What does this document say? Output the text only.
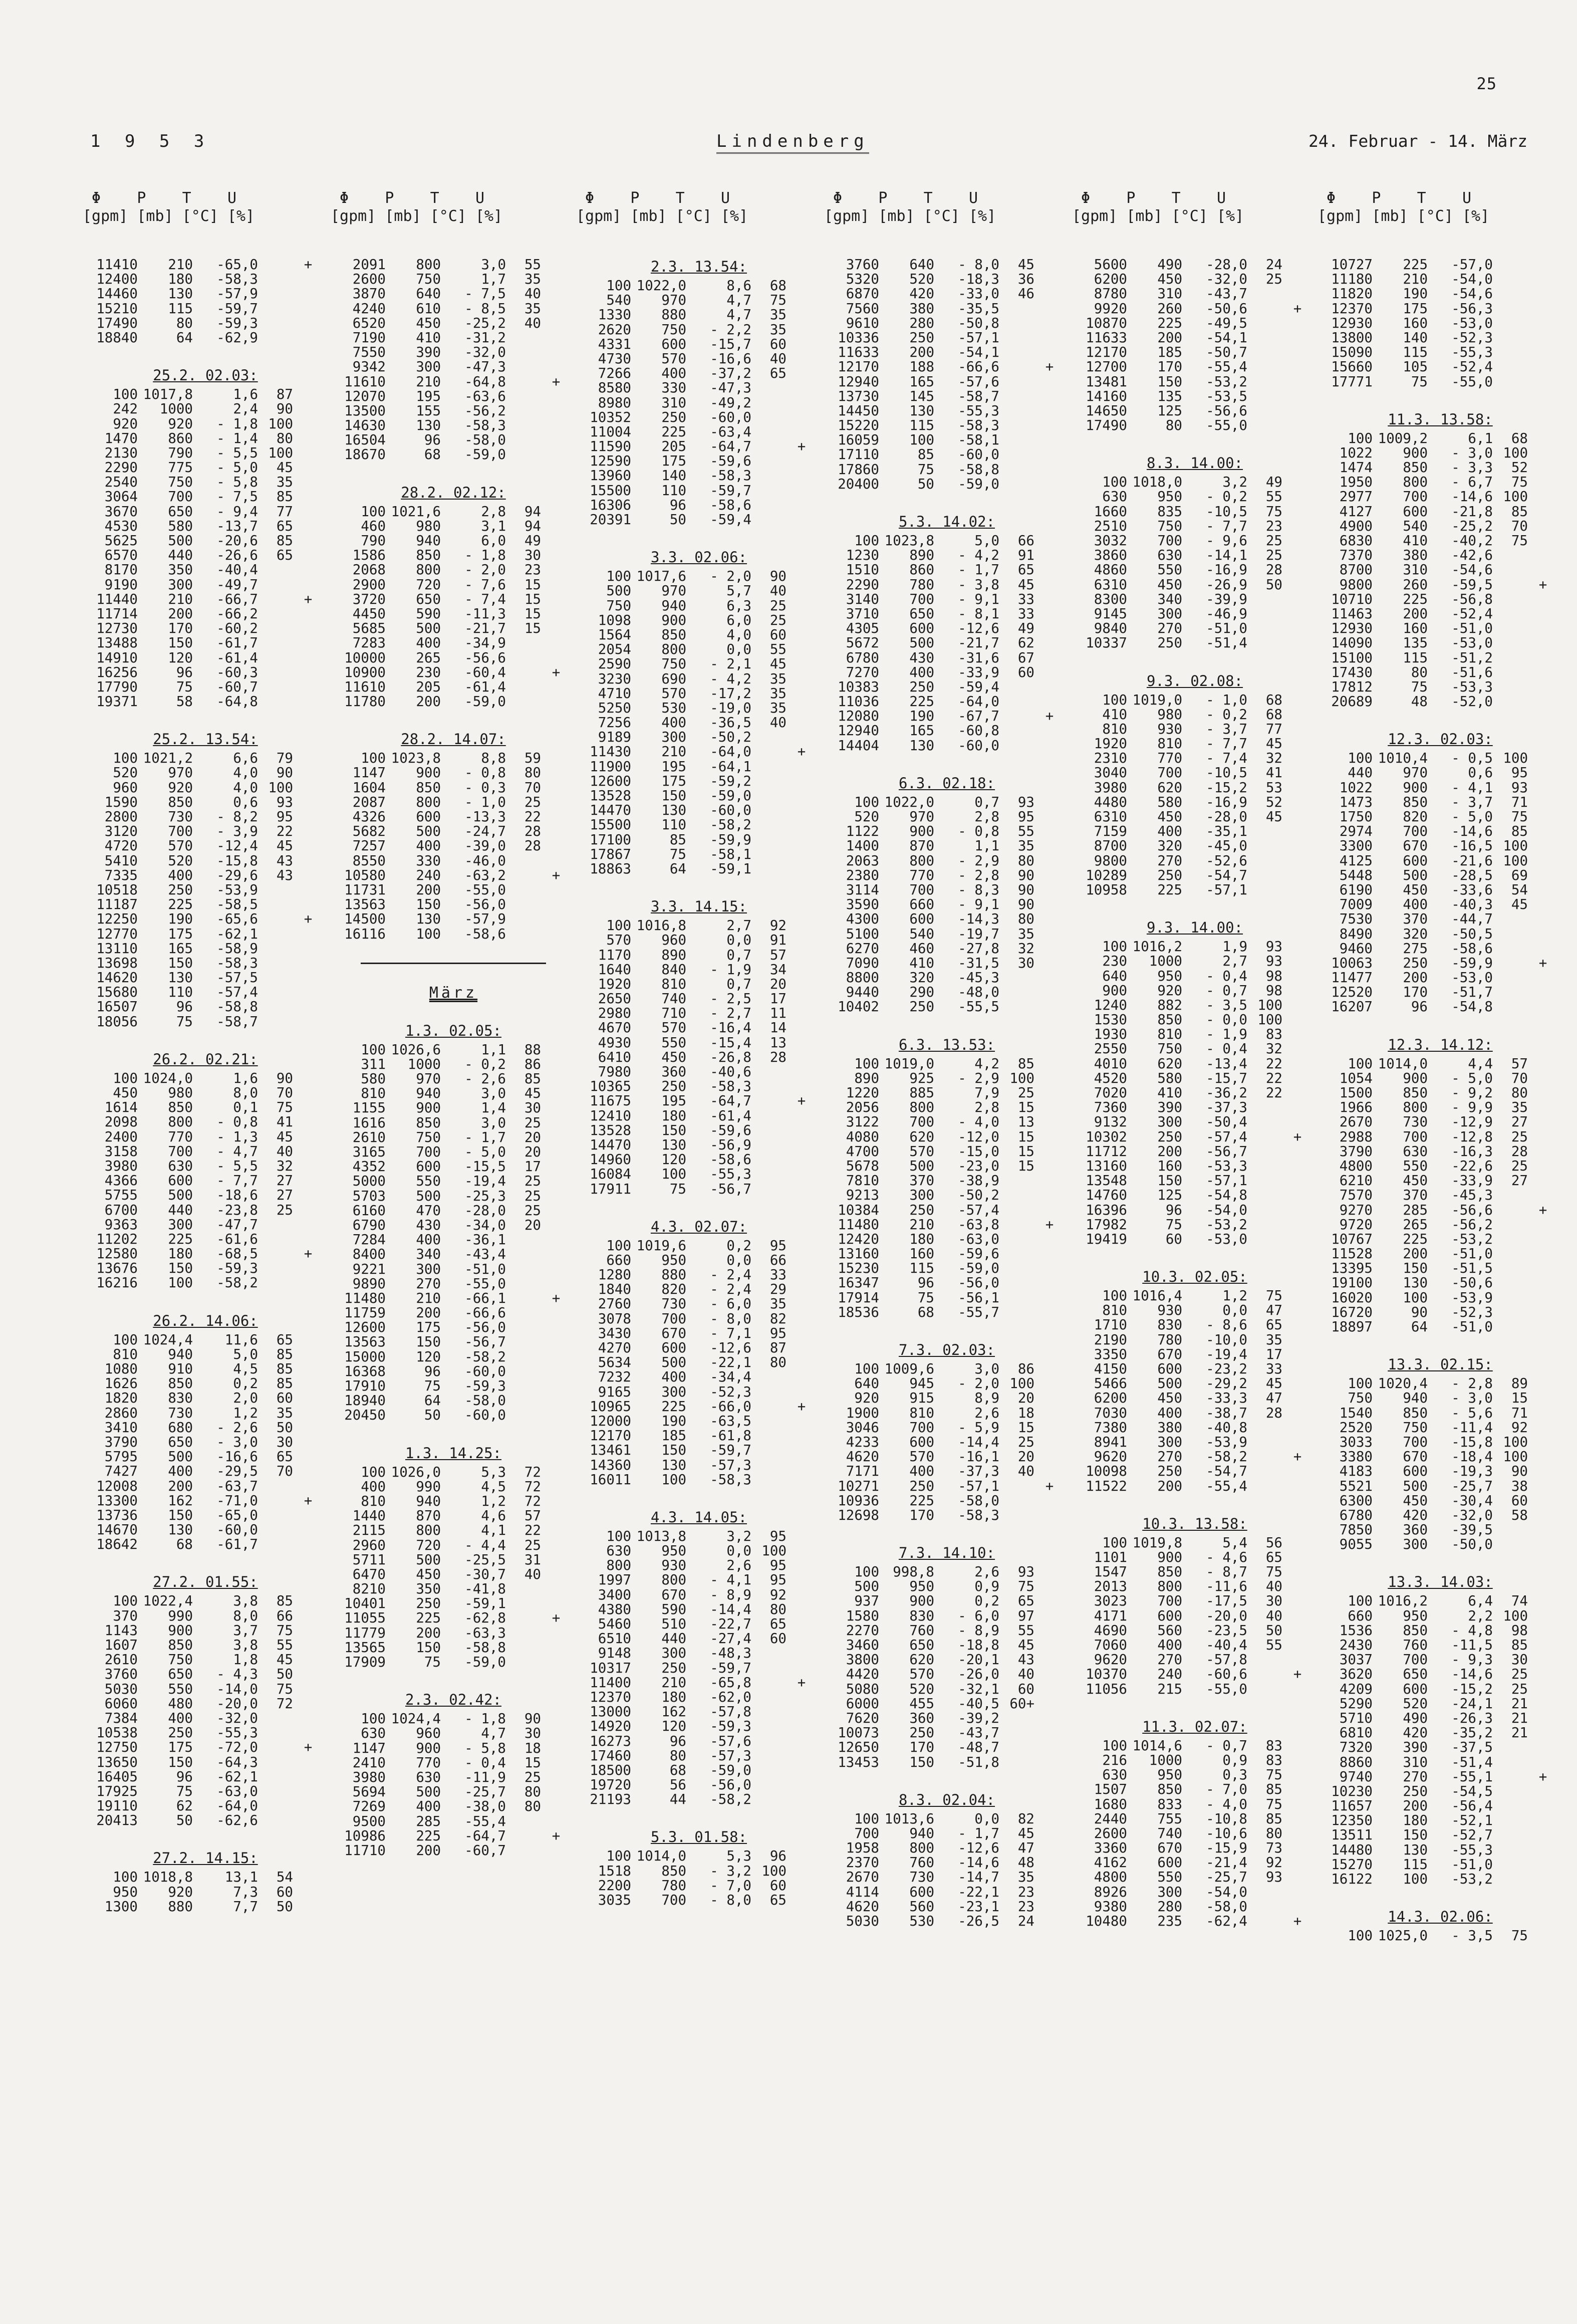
25
1 9 5 3	Lindenberg	24. Februar - 14. März
Φ    P    T    U
[gpm] [mb] [°C] [%]
11410	210	-65,0	+
12400	180	-58,3
14460	130	-57,9
15210	115	-59,7
17490	80	-59,3
18840	64	-62,9
25.2. 02.03:
100 1017,8	1,6	87
242	1000	2,4	90
920	920	- 1,8 100
1470	860	- 1,4	80
2130	790	- 5,5 100
2290	775	- 5,0	45
2540	750	- 5,8	35
3064	700	- 7,5	85
3670	650	- 9,4	77
4530	580	-13,7	65
5625	500	-20,6	85
6570	440	-26,6	65
8170	350	-40,4
9190	300	-49,7
11440	210	-66,7	+
11714	200	-66,2
12730	170	-60,2
13488	150	-61,7
14910	120	-61,4
16256	96	-60,3
17790	75	-60,7
19371	58	-64,8
25.2. 13.54:
100 1021,2	6,6	79
520	970	4,0	90
960	920	4,0 100
1590	850	0,6	93
2800	730	- 8,2	95
3120	700	- 3,9	22
4720	570	-12,4	45
5410	520	-15,8	43
7335	400	-29,6	43
10518	250	-53,9
11187	225	-58,5
12250	190	-65,6	+
12770	175	-62,1
13110	165	-58,9
13698	150	-58,3
14620	130	-57,5
15680	110	-57,4
16507	96	-58,8
18056	75	-58,7
26.2. 02.21:
100 1024,0	1,6	90
450	980	8,0	70
1614	850	0,1	75
2098	800	- 0,8	41
2400	770	- 1,3	45
3158	700	- 4,7	40
3980	630	- 5,5	32
4366	600	- 7,7	27
5755	500	-18,6	27
6700	440	-23,8	25
9363	300	-47,7
11202	225	-61,6
12580	180	-68,5	+
13676	150	-59,3
16216	100	-58,2
26.2. 14.06:
100 1024,4	11,6	65
810	940	5,0	85
1080	910	4,5	85
1626	850	0,2	85
1820	830	2,0	60
2860	730	1,2	35
3410	680	- 2,6	50
3790	650	- 3,0	30
5795	500	-16,6	65
7427	400	-29,5	70
12008	200	-63,7
13300	162	-71,0	+
13736	150	-65,0
14670	130	-60,0
18642	68	-61,7
27.2. 01.55:
100 1022,4	3,8	85
370	990	8,0	66
1143	900	3,7	75
1607	850	3,8	55
2610	750	1,8	45
3760	650	- 4,3	50
5030	550	-14,0	75
6060	480	-20,0	72
7384	400	-32,0
10538	250	-55,3
12750	175	-72,0	+
13650	150	-64,3
16405	96	-62,1
17925	75	-63,0
19110	62	-64,0
20413	50	-62,6
27.2. 14.15:
100 1018,8	13,1	54
950	920	7,3	60
1300	880	7,7	50
Φ    P    T    U
[gpm] [mb] [°C] [%]
2091	800	3,0	55
2600	750	1,7	35
3870	640	- 7,5	40
4240	610	- 8,5	35
6520	450	-25,2	40
7190	410	-31,2
7550	390	-32,0
9342	300	-47,3
11610	210	-64,8	+
12070	195	-63,6
13500	155	-56,2
14630	130	-58,3
16504	96	-58,0
18670	68	-59,0
28.2. 02.12:
100 1021,6	2,8	94
460	980	3,1	94
790	940	6,0	49
1586	850	- 1,8	30
2068	800	- 2,0	23
2900	720	- 7,6	15
3720	650	- 7,4	15
4450	590	-11,3	15
5685	500	-21,7	15
7283	400	-34,9
10000	265	-56,6
10900	230	-60,4	+
11610	205	-61,4
11780	200	-59,0
28.2. 14.07:
100 1023,8	8,8	59
1147	900	- 0,8	80
1604	850	- 0,3	70
2087	800	- 1,0	25
4326	600	-13,3	22
5682	500	-24,7	28
7257	400	-39,0	28
8550	330	-46,0
10580	240	-63,2	+
11731	200	-55,0
13563	150	-56,0
14500	130	-57,9
16116	100	-58,6
März
1.3. 02.05:
100 1026,6	1,1	88
311	1000	- 0,2	86
580	970	- 2,6	85
810	940	3,0	45
1155	900	1,4	30
1616	850	3,0	25
2610	750	- 1,7	20
3165	700	- 5,0	20
4352	600	-15,5	17
5000	550	-19,4	25
5703	500	-25,3	25
6160	470	-28,0	25
6790	430	-34,0	20
7284	400	-36,1
8400	340	-43,4
9221	300	-51,0
9890	270	-55,0
11480	210	-66,1	+
11759	200	-66,6
12600	175	-56,0
13563	150	-56,7
15000	120	-58,2
16368	96	-60,0
17910	75	-59,3
18940	64	-58,0
20450	50	-60,0
1.3. 14.25:
100 1026,0	5,3	72
400	990	4,5	72
810	940	1,2	72
1440	870	4,6	57
2115	800	4,1	22
2960	720	- 4,4	25
5711	500	-25,5	31
6470	450	-30,7	40
8210	350	-41,8
10401	250	-59,1
11055	225	-62,8	+
11779	200	-63,3
13565	150	-58,8
17909	75	-59,0
2.3. 02.42:
100 1024,4	- 1,8	90
630	960	4,7	30
1147	900	- 5,8	18
2410	770	- 0,4	15
3980	630	-11,9	25
5694	500	-25,7	80
7269	400	-38,0	80
9500	285	-55,4
10986	225	-64,7	+
11710	200	-60,7
Φ    P    T    U
[gpm] [mb] [°C] [%]
2.3. 13.54:
100 1022,0	8,6	68
540	970	4,7	75
1330	880	4,7	35
2620	750	- 2,2	35
4331	600	-15,7	60
4730	570	-16,6	40
7266	400	-37,2	65
8580	330	-47,3
8980	310	-49,2
10352	250	-60,0
11004	225	-63,4
11590	205	-64,7	+
12590	175	-59,6
13960	140	-58,3
15500	110	-59,7
16306	96	-58,6
20391	50	-59,4
3.3. 02.06:
100 1017,6	- 2,0	90
500	970	5,7	40
750	940	6,3	25
1098	900	6,0	25
1564	850	4,0	60
2054	800	0,0	55
2590	750	- 2,1	45
3230	690	- 4,2	35
4710	570	-17,2	35
5250	530	-19,0	35
7256	400	-36,5	40
9189	300	-50,2
11430	210	-64,0	+
11900	195	-64,1
12600	175	-59,2
13528	150	-59,0
14470	130	-60,0
15500	110	-58,2
17100	85	-59,9
17867	75	-58,1
18863	64	-59,1
3.3. 14.15:
100 1016,8	2,7	92
570	960	0,0	91
1170	890	0,7	57
1640	840	- 1,9	34
1920	810	0,7	20
2650	740	- 2,5	17
2980	710	- 2,7	11
4670	570	-16,4	14
4930	550	-15,4	13
6410	450	-26,8	28
7980	360	-40,6
10365	250	-58,3
11675	195	-64,7	+
12410	180	-61,4
13528	150	-59,6
14470	130	-56,9
14960	120	-58,6
16084	100	-55,3
17911	75	-56,7
4.3. 02.07:
100 1019,6	0,2	95
660	950	0,0	66
1280	880	- 2,4	33
1840	820	- 2,4	29
2760	730	- 6,0	35
3078	700	- 8,0	82
3430	670	- 7,1	95
4270	600	-12,6	87
5634	500	-22,1	80
7232	400	-34,4
9165	300	-52,3
10965	225	-66,0	+
12000	190	-63,5
12170	185	-61,8
13461	150	-59,7
14360	130	-57,3
16011	100	-58,3
4.3. 14.05:
100 1013,8	3,2	95
630	950	0,0 100
800	930	2,6	95
1997	800	- 4,1	95
3400	670	- 8,9	92
4380	590	-14,4	80
5460	510	-22,7	65
6510	440	-27,4	60
9148	300	-48,3
10317	250	-59,7
11400	210	-65,8	+
12370	180	-62,0
13000	162	-57,8
14920	120	-59,3
16273	96	-57,6
17460	80	-57,3
18500	68	-59,0
19720	56	-56,0
21193	44	-58,2
5.3. 01.58:
100 1014,0	5,3	96
1518	850	- 3,2 100
2200	780	- 7,0	60
3035	700	- 8,0	65
Φ    P    T    U
[gpm] [mb] [°C] [%]
3760	640	- 8,0	45
5320	520	-18,3	36
6870	420	-33,0	46
7560	380	-35,5
9610	280	-50,8
10336	250	-57,1
11633	200	-54,1
12170	188	-66,6	+
12940	165	-57,6
13730	145	-58,7
14450	130	-55,3
15220	115	-58,3
16059	100	-58,1
17110	85	-60,0
17860	75	-58,8
20400	50	-59,0
5.3. 14.02:
100 1023,8	5,0	66
1230	890	- 4,2	91
1510	860	- 1,7	65
2290	780	- 3,8	45
3140	700	- 9,1	33
3710	650	- 8,1	33
4305	600	-12,6	49
5672	500	-21,7	62
6780	430	-31,6	67
7270	400	-33,9	60
10383	250	-59,4
11036	225	-64,0
12080	190	-67,7	+
12940	165	-60,8
14404	130	-60,0
6.3. 02.18:
100 1022,0	0,7	93
520	970	2,8	95
1122	900	- 0,8	55
1400	870	1,1	35
2063	800	- 2,9	80
2380	770	- 2,8	90
3114	700	- 8,3	90
3590	660	- 9,1	90
4300	600	-14,3	80
5100	540	-19,7	35
6270	460	-27,8	32
7090	410	-31,5	30
8800	320	-45,3
9440	290	-48,0
10402	250	-55,5
6.3. 13.53:
100 1019,0	4,2	85
890	925	- 2,9 100
1220	885	7,9	25
2056	800	2,8	15
3122	700	- 4,0	13
4080	620	-12,0	15
4700	570	-15,0	15
5678	500	-23,0	15
7810	370	-38,9
9213	300	-50,2
10384	250	-57,4
11480	210	-63,8	+
12420	180	-63,0
13160	160	-59,6
15230	115	-59,0
16347	96	-56,0
17914	75	-56,1
18536	68	-55,7
7.3. 02.03:
100 1009,6	3,0	86
640	945	- 2,0 100
920	915	8,9	20
1900	810	2,6	18
3046	700	- 5,9	15
4233	600	-14,4	25
4620	570	-16,1	20
7171	400	-37,3	40
10271	250	-57,1	+
10936	225	-58,0
12698	170	-58,3
7.3. 14.10:
100 998,8	2,6	93
500	950	0,9	75
937	900	0,2	65
1580	830	- 6,0	97
2270	760	- 8,9	55
3460	650	-18,8	45
3800	620	-20,1	43
4420	570	-26,0	40
5080	520	-32,1	60
6000	455	-40,5 60+
7620	360	-39,2
10073	250	-43,7
12650	170	-48,7
13453	150	-51,8
8.3. 02.04:
100 1013,6	0,0	82
700	940	- 1,7	45
1958	800	-12,6	47
2370	760	-14,6	48
2670	730	-14,7	35
4114	600	-22,1	23
4620	560	-23,1	23
5030	530	-26,5	24
Φ    P    T    U
[gpm] [mb] [°C] [%]
5600	490	-28,0	24
6200	450	-32,0	25
8780	310	-43,7
9920	260	-50,6	+
10870	225	-49,5
11633	200	-54,1
12170	185	-50,7
12700	170	-55,4
13481	150	-53,2
14160	135	-53,5
14650	125	-56,6
17490	80	-55,0
8.3. 14.00:
100 1018,0	3,2	49
630	950	- 0,2	55
1660	835	-10,5	75
2510	750	- 7,7	23
3032	700	- 9,6	25
3860	630	-14,1	25
4860	550	-16,9	28
6310	450	-26,9	50
8300	340	-39,9
9145	300	-46,9
9840	270	-51,0
10337	250	-51,4
9.3. 02.08:
100 1019,0	- 1,0	68
410	980	- 0,2	68
810	930	- 3,7	77
1920	810	- 7,7	45
2310	770	- 7,4	32
3040	700	-10,5	41
3980	620	-15,2	53
4480	580	-16,9	52
6310	450	-28,0	45
7159	400	-35,1
8700	320	-45,0
9800	270	-52,6
10289	250	-54,7
10958	225	-57,1
9.3. 14.00:
100 1016,2	1,9	93
230	1000	2,7	93
640	950	- 0,4	98
900	920	- 0,7	98
1240	882	- 3,5 100
1530	850	- 0,0 100
1930	810	- 1,9	83
2550	750	- 0,4	32
4010	620	-13,4	22
4520	580	-15,7	22
7020	410	-36,2	22
7360	390	-37,3
9132	300	-50,4
10302	250	-57,4	+
11712	200	-56,7
13160	160	-53,3
13548	150	-57,1
14760	125	-54,8
16396	96	-54,0
17982	75	-53,2
19419	60	-53,0
10.3. 02.05:
100 1016,4	1,2	75
810	930	0,0	47
1710	830	- 8,6	65
2190	780	-10,0	35
3350	670	-19,4	17
4150	600	-23,2	33
5466	500	-29,2	45
6200	450	-33,3	47
7030	400	-38,7	28
7380	380	-40,8
8941	300	-53,9
9620	270	-58,2	+
10098	250	-54,7
11522	200	-55,4
10.3. 13.58:
100 1019,8	5,4	56
1101	900	- 4,6	65
1547	850	- 8,7	75
2013	800	-11,6	40
3023	700	-17,5	30
4171	600	-20,0	40
4690	560	-23,5	50
7060	400	-40,4	55
9620	270	-57,8
10370	240	-60,6	+
11056	215	-55,0
11.3. 02.07:
100 1014,6	- 0,7	83
216	1000	0,9	83
630	950	0,3	75
1507	850	- 7,0	85
1680	833	- 4,0	75
2440	755	-10,8	85
2600	740	-10,6	80
3360	670	-15,9	73
4162	600	-21,4	92
4800	550	-25,7	93
8926	300	-54,0
9380	280	-58,0
10480	235	-62,4	+
Φ    P    T    U
[gpm] [mb] [°C] [%]
10727	225	-57,0
11180	210	-54,0
11820	190	-54,6
12370	175	-56,3
12930	160	-53,0
13800	140	-52,3
15090	115	-55,3
15660	105	-52,4
17771	75	-55,0
11.3. 13.58:
100 1009,2	6,1	68
1022	900	- 3,0 100
1474	850	- 3,3	52
1950	800	- 6,7	75
2977	700	-14,6 100
4127	600	-21,8	85
4900	540	-25,2	70
6830	410	-40,2	75
7370	380	-42,6
8700	310	-54,6
9800	260	-59,5	+
10710	225	-56,8
11463	200	-52,4
12930	160	-51,0
14090	135	-53,0
15100	115	-51,2
17430	80	-51,6
17812	75	-53,3
20689	48	-52,0
12.3. 02.03:
100 1010,4	- 0,5 100
440	970	0,6	95
1022	900	- 4,1	93
1473	850	- 3,7	71
1750	820	- 5,0	75
2974	700	-14,6	85
3300	670	-16,5 100
4125	600	-21,6 100
5448	500	-28,5	69
6190	450	-33,6	54
7009	400	-40,3	45
7530	370	-44,7
8490	320	-50,5
9460	275	-58,6
10063	250	-59,9	+
11477	200	-53,0
12520	170	-51,7
16207	96	-54,8
12.3. 14.12:
100 1014,0	4,4	57
1054	900	- 5,0	70
1500	850	- 9,2	80
1966	800	- 9,9	35
2670	730	-12,9	27
2988	700	-12,8	25
3790	630	-16,3	28
4800	550	-22,6	25
6210	450	-33,9	27
7570	370	-45,3
9270	285	-56,6	+
9720	265	-56,2
10767	225	-53,2
11528	200	-51,0
13395	150	-51,5
19100	130	-50,6
16020	100	-53,9
16720	90	-52,3
18897	64	-51,0
13.3. 02.15:
100 1020,4	- 2,8	89
750	940	- 3,0	15
1540	850	- 5,6	71
2520	750	-11,4	92
3033	700	-15,8 100
3380	670	-18,4 100
4183	600	-19,3	90
5521	500	-25,7	38
6300	450	-30,4	60
6780	420	-32,0	58
7850	360	-39,5
9055	300	-50,0
13.3. 14.03:
100 1016,2	6,4	74
660	950	2,2 100
1536	850	- 4,8	98
2430	760	-11,5	85
3037	700	- 9,3	30
3620	650	-14,6	25
4209	600	-15,2	25
5290	520	-24,1	21
5710	490	-26,3	21
6810	420	-35,2	21
7320	390	-37,5
8860	310	-51,4
9740	270	-55,1	+
10230	250	-54,5
11657	200	-56,4
12350	180	-52,1
13511	150	-52,7
14480	130	-55,3
15270	115	-51,0
16122	100	-53,2
14.3. 02.06:
100 1025,0	- 3,5	75
